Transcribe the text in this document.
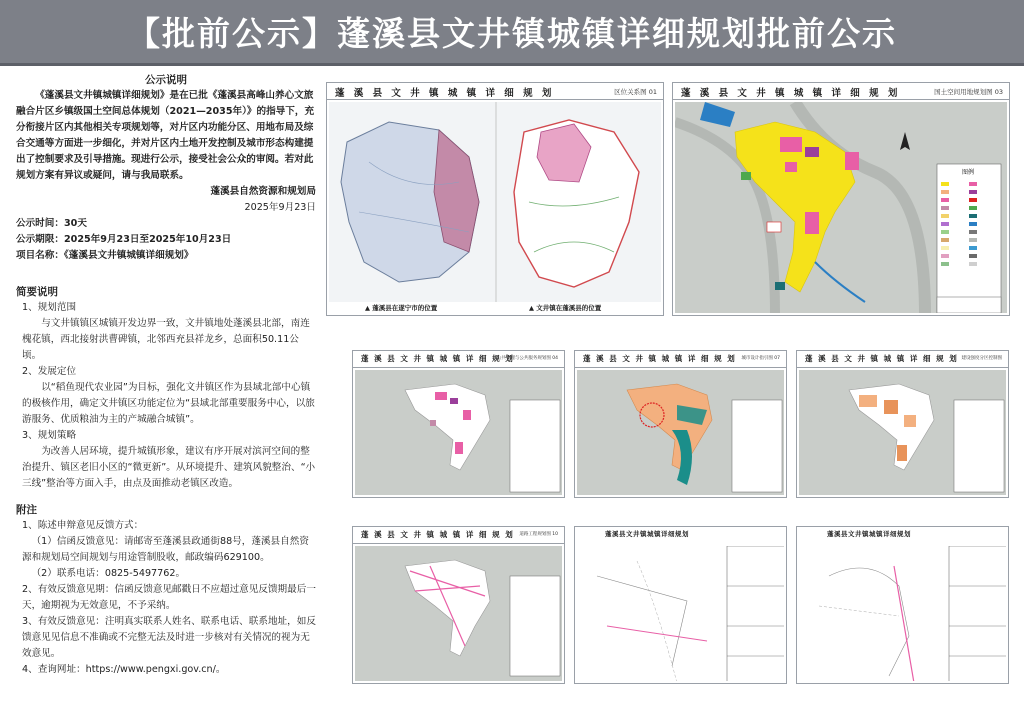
【批前公示】蓬溪县文井镇城镇详细规划批前公示
公示说明
《蓬溪县文井镇城镇详细规划》是在已批《蓬溪县高峰山养心文旅融合片区乡镇级国土空间总体规划（2021—2035年）》的指导下，充分衔接片区内其他相关专项规划等，对片区内功能分区、用地布局及综合交通等方面进一步细化，并对片区内土地开发控制及城市形态构建提出了控制要求及引导措施。现进行公示，接受社会公众的审阅。若对此规划方案有异议或疑问，请与我局联系。
蓬溪县自然资源和规划局
2025年9月23日
公示时间：30天
公示期限：2025年9月23日至2025年10月23日
项目名称：《蓬溪县文井镇城镇详细规划》
简要说明
1、规划范围
与文井镇镇区城镇开发边界一致，文井镇地处蓬溪县北部，南连槐花镇，西北接射洪曹碑镇，北邻西充县祥龙乡，总面积50.11公顷。
2、发展定位
以“稻鱼现代农业园”为目标，强化文井镇区作为县域北部中心镇的极核作用，确定文井镇区功能定位为“县域北部重要服务中心，以旅游服务、优质粮油为主的产城融合城镇”。
3、规划策略
为改善人居环境，提升城镇形象，建议有序开展对滨河空间的整治提升、镇区老旧小区的“微更新”。从环境提升、建筑风貌整治、“小三线”整治等方面入手，由点及面推动老镇区改造。
附注
1、陈述申辩意见反馈方式：
（1）信函反馈意见：请邮寄至蓬溪县政通街88号，蓬溪县自然资源和规划局空间规划与用途管制股收，邮政编码629100。
（2）联系电话：0825-5497762。
2、有效反馈意见期：信函反馈意见邮戳日不应超过意见反馈期最后一天，逾期视为无效意见，不予采纳。
3、有效反馈意见：注明真实联系人姓名、联系电话、联系地址，如反馈意见见信息不准确或不完整无法及时进一步核对有关情况的视为无效意见。
4、查询网址：https://www.pengxi.gov.cn/。
蓬 溪 县 文 井 镇 城 镇 详 细 规 划	区位关系图 01
▲ 蓬溪县在遂宁市的位置	▲ 文井镇在蓬溪县的位置
蓬 溪 县 文 井 镇 城 镇 详 细 规 划	国土空间用地规划图 03
图例
蓬 溪 县 文 井 镇 城 镇 详 细 规 划
公共管理与公共服务规划图 04	蓬 溪 县 文 井 镇 城 镇 详 细 规 划 城市设计指引图 07	蓬 溪 县 文 井 镇 城 镇 详 细 规 划 建设强度分区控制图
蓬 溪 县 文 井 镇 城 镇 详 细 规 划 道路工程规划图 10	蓬溪县文井镇城镇详细规划	蓬溪县文井镇城镇详细规划
